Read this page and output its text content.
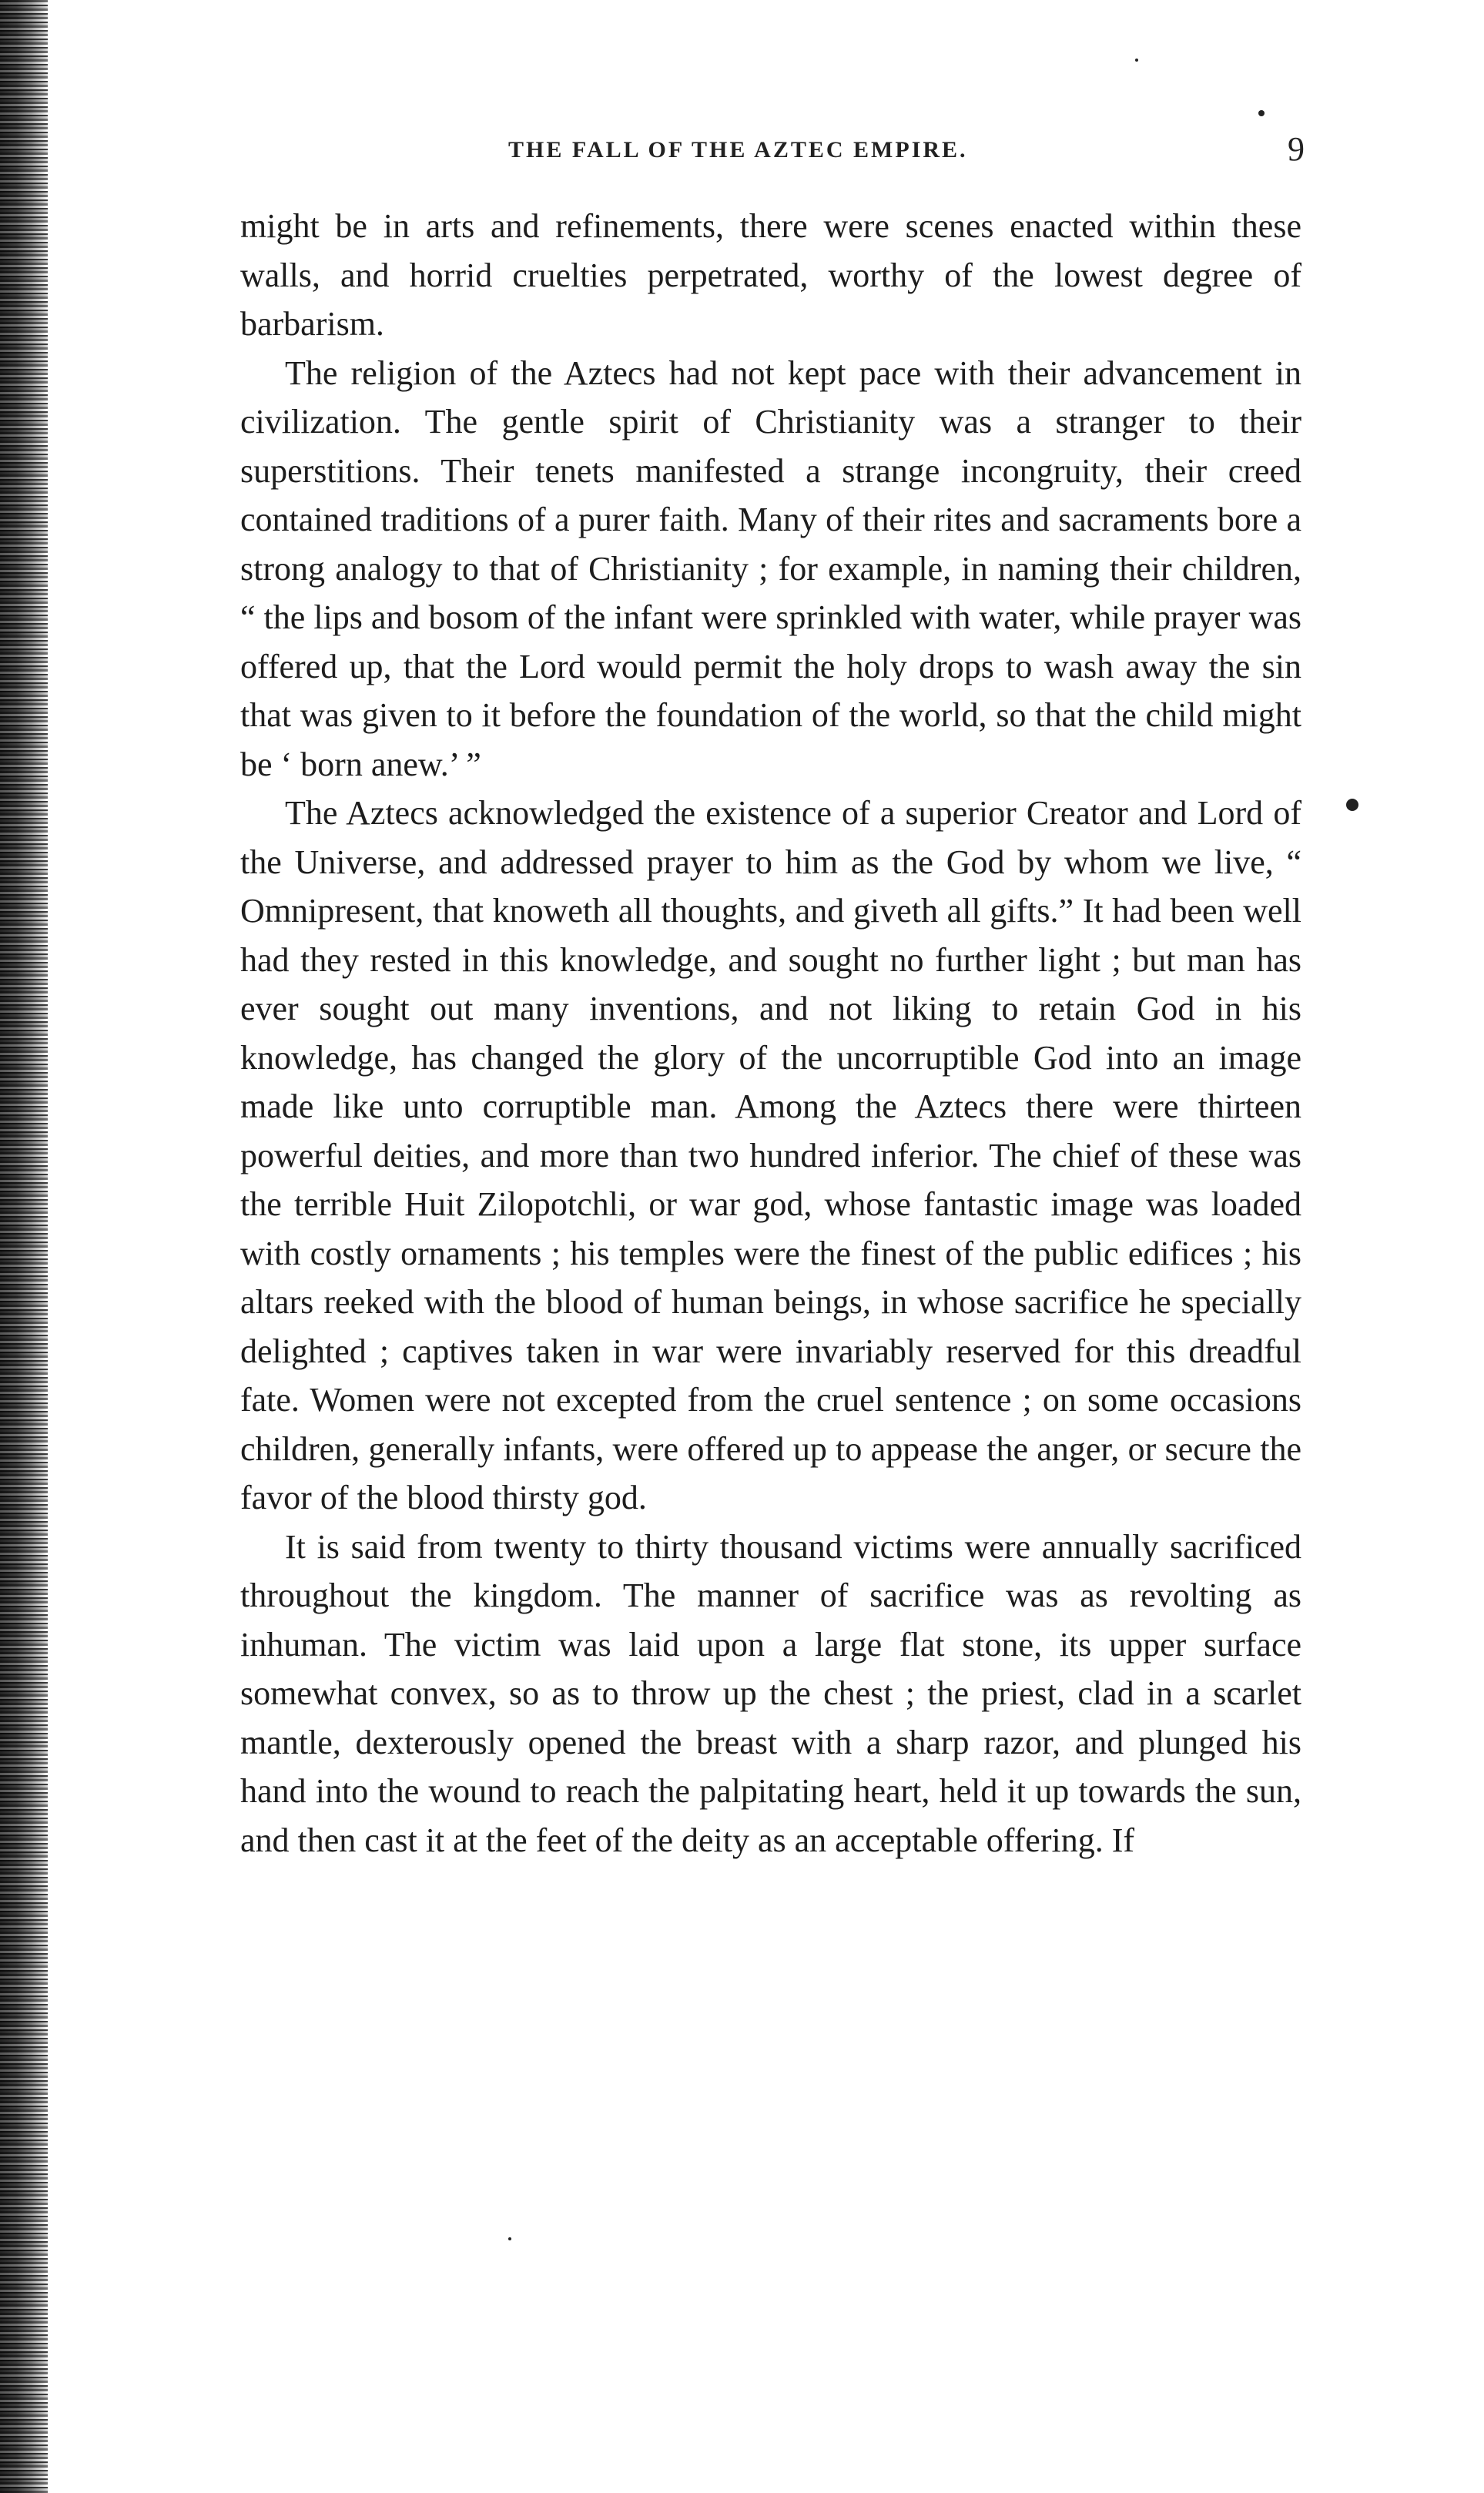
THE FALL OF THE AZTEC EMPIRE.	9

might be in arts and refinements, there were scenes enacted within these walls, and horrid cruelties perpetrated, worthy of the lowest degree of barbarism.

The religion of the Aztecs had not kept pace with their advancement in civilization. The gentle spirit of Christianity was a stranger to their superstitions. Their tenets manifested a strange incongruity, their creed contained traditions of a purer faith. Many of their rites and sacraments bore a strong analogy to that of Christianity ; for example, in naming their children, “ the lips and bosom of the infant were sprinkled with water, while prayer was offered up, that the Lord would permit the holy drops to wash away the sin that was given to it before the foundation of the world, so that the child might be ‘ born anew.’ ”

The Aztecs acknowledged the existence of a superior Creator and Lord of the Universe, and addressed prayer to him as the God by whom we live, “ Omnipresent, that knoweth all thoughts, and giveth all gifts.” It had been well had they rested in this knowledge, and sought no further light ; but man has ever sought out many inventions, and not liking to retain God in his knowledge, has changed the glory of the uncorruptible God into an image made like unto corruptible man. Among the Aztecs there were thirteen powerful deities, and more than two hundred inferior. The chief of these was the terrible Huit Zilopotchli, or war god, whose fantastic image was loaded with costly ornaments ; his temples were the finest of the public edifices ; his altars reeked with the blood of human beings, in whose sacrifice he specially delighted ; captives taken in war were invariably reserved for this dreadful fate. Women were not excepted from the cruel sentence ; on some occasions children, generally infants, were offered up to appease the anger, or secure the favor of the blood thirsty god.

It is said from twenty to thirty thousand victims were annually sacrificed throughout the kingdom. The manner of sacrifice was as revolting as inhuman. The victim was laid upon a large flat stone, its upper surface somewhat convex, so as to throw up the chest ; the priest, clad in a scarlet mantle, dexterously opened the breast with a sharp razor, and plunged his hand into the wound to reach the palpitating heart, held it up towards the sun, and then cast it at the feet of the deity as an acceptable offering. If
